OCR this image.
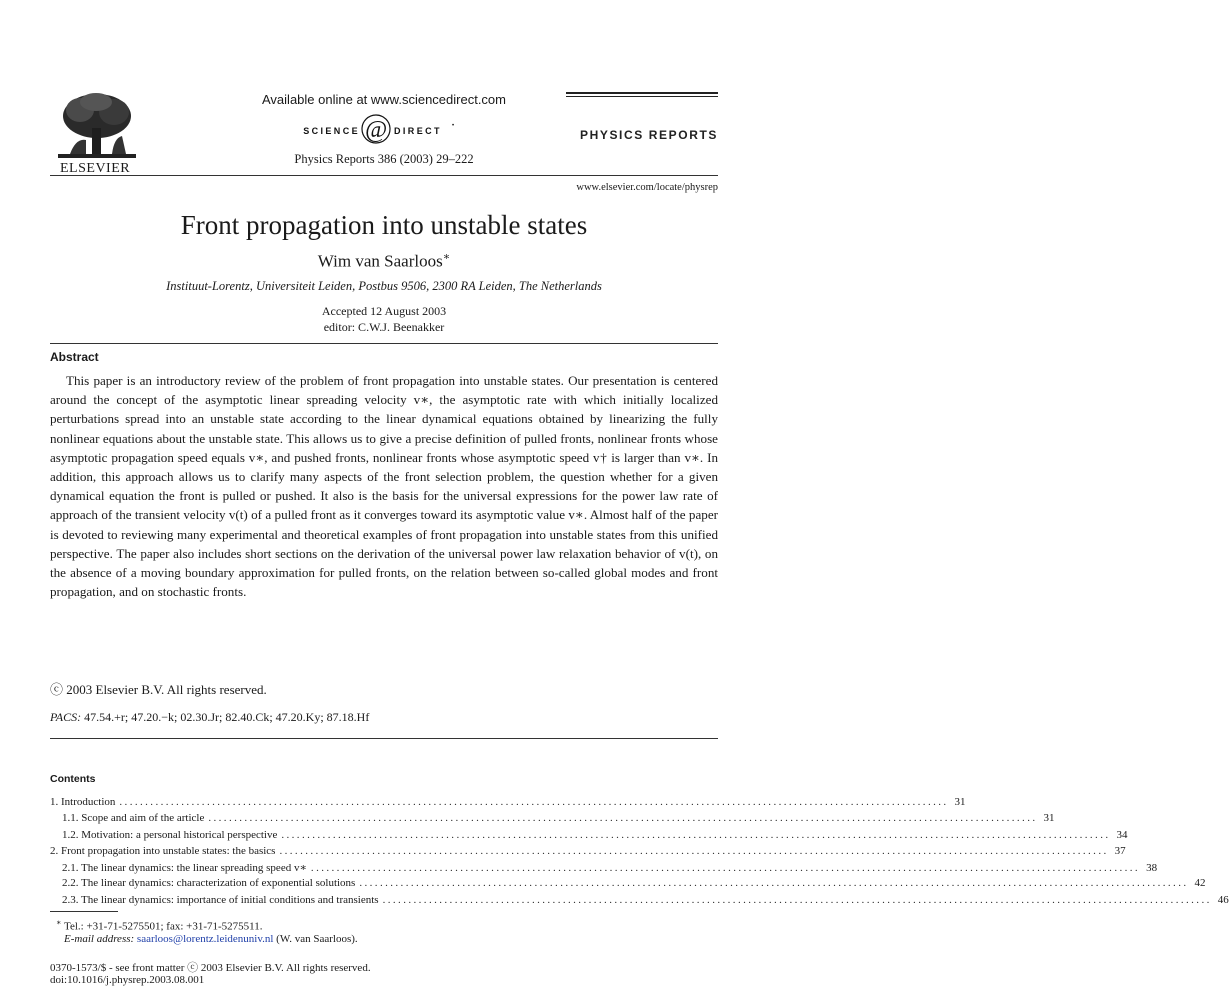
ELSEVIER
Available online at www.sciencedirect.com
SCIENCE @ DIRECT •
Physics Reports 386 (2003) 29–222
PHYSICS REPORTS
www.elsevier.com/locate/physrep
Front propagation into unstable states
Wim van Saarloos∗
Instituut-Lorentz, Universiteit Leiden, Postbus 9506, 2300 RA Leiden, The Netherlands
Accepted 12 August 2003
editor: C.W.J. Beenakker
Abstract
This paper is an introductory review of the problem of front propagation into unstable states. Our presentation is centered around the concept of the asymptotic linear spreading velocity v∗, the asymptotic rate with which initially localized perturbations spread into an unstable state according to the linear dynamical equations obtained by linearizing the fully nonlinear equations about the unstable state. This allows us to give a precise definition of pulled fronts, nonlinear fronts whose asymptotic propagation speed equals v∗, and pushed fronts, nonlinear fronts whose asymptotic speed v† is larger than v∗. In addition, this approach allows us to clarify many aspects of the front selection problem, the question whether for a given dynamical equation the front is pulled or pushed. It also is the basis for the universal expressions for the power law rate of approach of the transient velocity v(t) of a pulled front as it converges toward its asymptotic value v∗. Almost half of the paper is devoted to reviewing many experimental and theoretical examples of front propagation into unstable states from this unified perspective. The paper also includes short sections on the derivation of the universal power law relaxation behavior of v(t), on the absence of a moving boundary approximation for pulled fronts, on the relation between so-called global modes and front propagation, and on stochastic fronts.
ⓒ 2003 Elsevier B.V. All rights reserved.
PACS: 47.54.+r; 47.20.−k; 02.30.Jr; 82.40.Ck; 47.20.Ky; 87.18.Hf
Contents
1. Introduction ................................................................................................................................................................. 31
1.1. Scope and aim of the article ................................................................................................................................................................. 31
1.2. Motivation: a personal historical perspective ................................................................................................................................................................. 34
2. Front propagation into unstable states: the basics ................................................................................................................................................................. 37
2.1. The linear dynamics: the linear spreading speed v∗ ................................................................................................................................................................. 38
2.2. The linear dynamics: characterization of exponential solutions ................................................................................................................................................................. 42
2.3. The linear dynamics: importance of initial conditions and transients ................................................................................................................................................................. 46
∗ Tel.: +31-71-5275501; fax: +31-71-5275511.
E-mail address: saarloos@lorentz.leidenuniv.nl (W. van Saarloos).
0370-1573/$ - see front matter ⓒ 2003 Elsevier B.V. All rights reserved.
doi:10.1016/j.physrep.2003.08.001
